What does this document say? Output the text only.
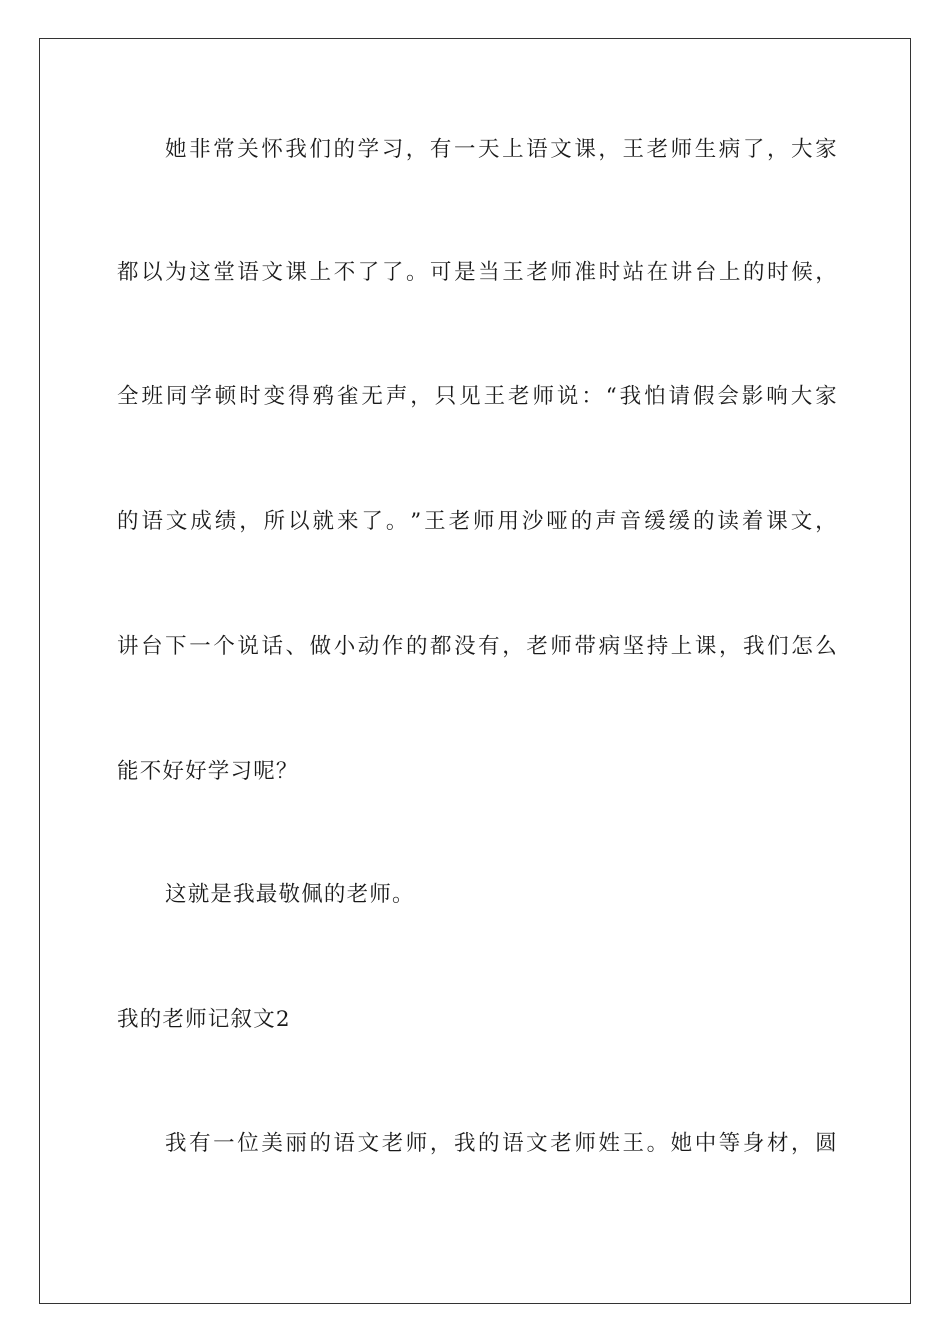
她 非 常 关 怀 我 们 的 学 习 ， 有 一 天 上 语 文 课 ， 王 老 师 生 病 了 ， 大 家
都 以 为 这 堂 语 文 课 上 不 了 了 。 可 是 当 王 老 师 准 时 站 在 讲 台 上 的 时 候 ，
全 班 同 学 顿 时 变 得 鸦 雀 无 声 ， 只 见 王 老 师 说 ： “ 我 怕 请 假 会 影 响 大 家
的 语 文 成 绩 ， 所 以 就 来 了 。 ” 王 老 师 用 沙 哑 的 声 音 缓 缓 的 读 着 课 文 ，
讲 台 下 一 个 说 话 、 做 小 动 作 的 都 没 有 ， 老 师 带 病 坚 持 上 课 ， 我 们 怎 么
能不好好学习呢？
这就是我最敬佩的老师。
我的老师记叙文2
我 有 一 位 美 丽 的 语 文 老 师 ， 我 的 语 文 老 师 姓 王 。 她 中 等 身 材 ， 圆
